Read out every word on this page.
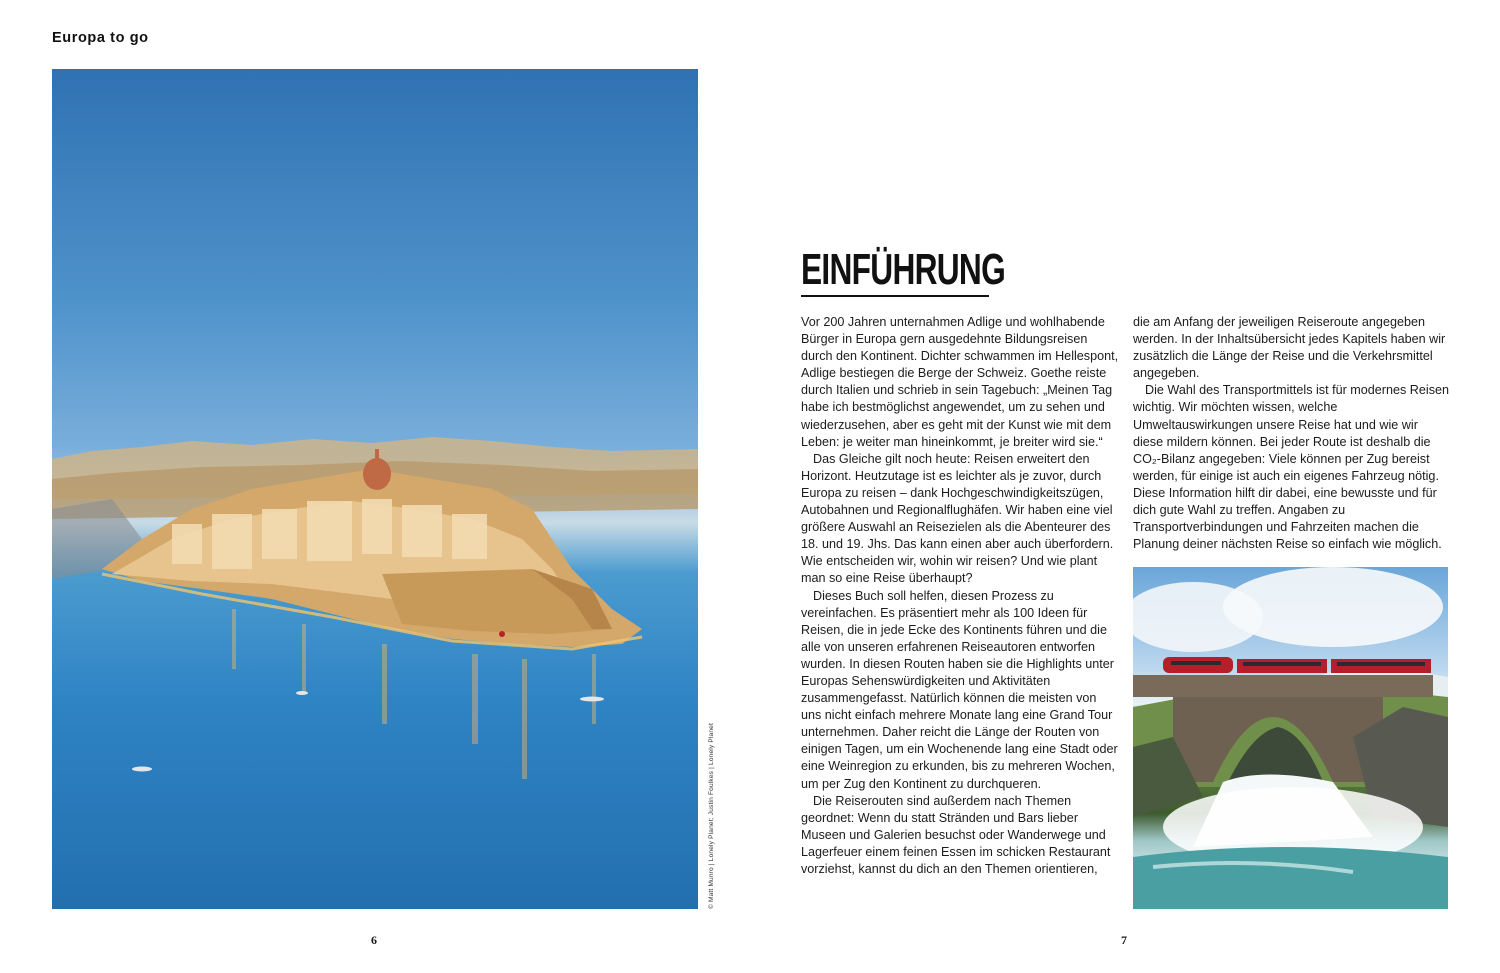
Europa to go
© Matt Munro | Lonely Planet; Justin Foulkes | Lonely Planet
6	7
EINFÜHRUNG

Vor 200 Jahren unternahmen Adlige und wohlhabende Bürger in Europa gern ausgedehnte Bildungsreisen durch den Kontinent. Dichter schwammen im Hellespont, Adlige bestiegen die Berge der Schweiz. Goethe reiste durch Italien und schrieb in sein Tagebuch: „Meinen Tag habe ich bestmöglichst angewendet, um zu sehen und wiederzusehen, aber es geht mit der Kunst wie mit dem Leben: je weiter man hineinkommt, je breiter wird sie.“

Das Gleiche gilt noch heute: Reisen erweitert den Horizont. Heutzutage ist es leichter als je zuvor, durch Europa zu reisen – dank Hochgeschwindigkeitszügen, Autobahnen und Regionalflughäfen. Wir haben eine viel größere Auswahl an Reisezielen als die Abenteurer des 18. und 19. Jhs. Das kann einen aber auch überfordern. Wie entscheiden wir, wohin wir reisen? Und wie plant man so eine Reise überhaupt?

Dieses Buch soll helfen, diesen Prozess zu vereinfachen. Es präsentiert mehr als 100 Ideen für Reisen, die in jede Ecke des Kontinents führen und die alle von unseren erfahrenen Reiseautoren entworfen wurden. In diesen Routen haben sie die Highlights unter Europas Sehenswürdigkeiten und Aktivitäten zusammengefasst. Natürlich können die meisten von uns nicht einfach mehrere Monate lang eine Grand Tour unternehmen. Daher reicht die Länge der Routen von einigen Tagen, um ein Wochenende lang eine Stadt oder eine Weinregion zu erkunden, bis zu mehreren Wochen, um per Zug den Kontinent zu durchqueren.

Die Reiserouten sind außerdem nach Themen geordnet: Wenn du statt Stränden und Bars lieber Museen und Galerien besuchst oder Wanderwege und Lagerfeuer einem feinen Essen im schicken Restaurant vorziehst, kannst du dich an den Themen orientieren,

die am Anfang der jeweiligen Reiseroute angegeben werden. In der Inhaltsübersicht jedes Kapitels haben wir zusätzlich die Länge der Reise und die Verkehrsmittel angegeben.

Die Wahl des Transportmittels ist für modernes Reisen wichtig. Wir möchten wissen, welche Umweltauswirkungen unsere Reise hat und wie wir diese mildern können. Bei jeder Route ist deshalb die CO₂-Bilanz angegeben: Viele können per Zug bereist werden, für einige ist auch ein eigenes Fahrzeug nötig. Diese Information hilft dir dabei, eine bewusste und für dich gute Wahl zu treffen. Angaben zu Transportverbindungen und Fahrzeiten machen die Planung deiner nächsten Reise so einfach wie möglich.
